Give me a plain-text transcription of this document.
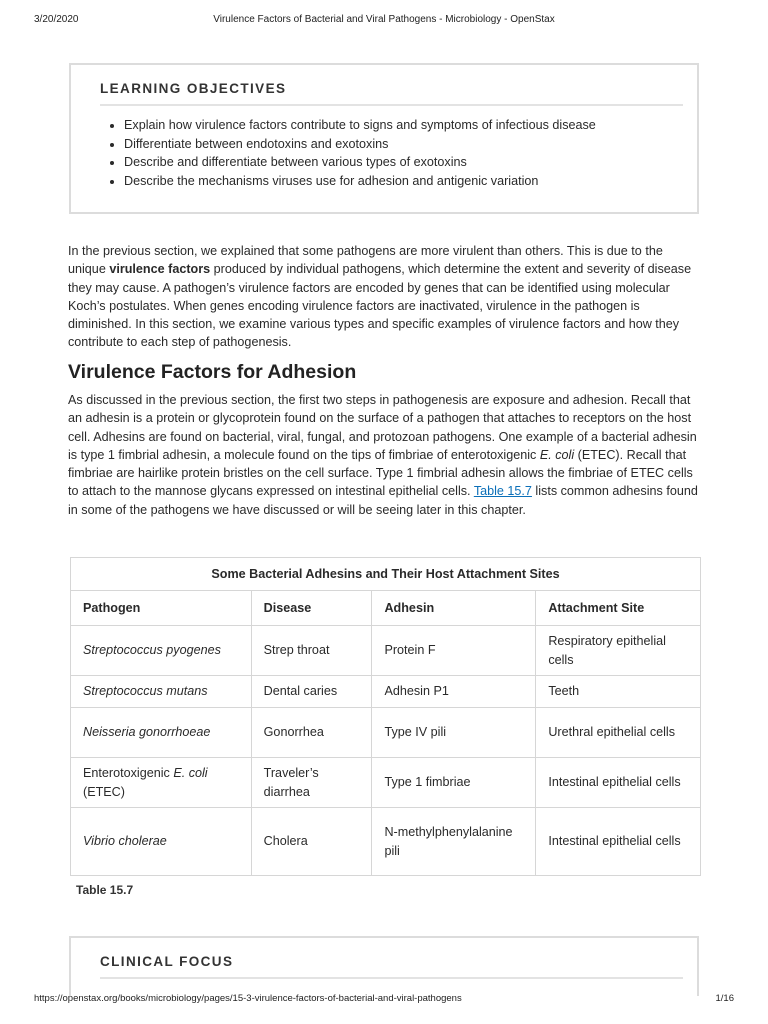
3/20/2020	Virulence Factors of Bacterial and Viral Pathogens - Microbiology - OpenStax
LEARNING OBJECTIVES
• Explain how virulence factors contribute to signs and symptoms of infectious disease
• Differentiate between endotoxins and exotoxins
• Describe and differentiate between various types of exotoxins
• Describe the mechanisms viruses use for adhesion and antigenic variation

In the previous section, we explained that some pathogens are more virulent than others. This is due to the unique virulence factors produced by individual pathogens, which determine the extent and severity of disease they may cause. A pathogen’s virulence factors are encoded by genes that can be identified using molecular Koch’s postulates. When genes encoding virulence factors are inactivated, virulence in the pathogen is diminished. In this section, we examine various types and specific examples of virulence factors and how they contribute to each step of pathogenesis.

Virulence Factors for Adhesion

As discussed in the previous section, the first two steps in pathogenesis are exposure and adhesion. Recall that an adhesin is a protein or glycoprotein found on the surface of a pathogen that attaches to receptors on the host cell. Adhesins are found on bacterial, viral, fungal, and protozoan pathogens. One example of a bacterial adhesin is type 1 fimbrial adhesin, a molecule found on the tips of fimbriae of enterotoxigenic E. coli (ETEC). Recall that fimbriae are hairlike protein bristles on the cell surface. Type 1 fimbrial adhesin allows the fimbriae of ETEC cells to attach to the mannose glycans expressed on intestinal epithelial cells. Table 15.7 lists common adhesins found in some of the pathogens we have discussed or will be seeing later in this chapter.

Some Bacterial Adhesins and Their Host Attachment Sites			
Pathogen	Disease	Adhesin	Attachment Site
Streptococcus pyogenes	Strep throat	Protein F	Respiratory epithelial cells
Streptococcus mutans	Dental caries	Adhesin P1	Teeth
Neisseria gonorrhoeae	Gonorrhea	Type IV pili	Urethral epithelial cells
Enterotoxigenic E. coli (ETEC)	Traveler’s diarrhea	Type 1 fimbriae	Intestinal epithelial cells
Vibrio cholerae	Cholera	N-methylphenylalanine pili	Intestinal epithelial cells
Table 15.7
CLINICAL FOCUS
https://openstax.org/books/microbiology/pages/15-3-virulence-factors-of-bacterial-and-viral-pathogens	1/16
